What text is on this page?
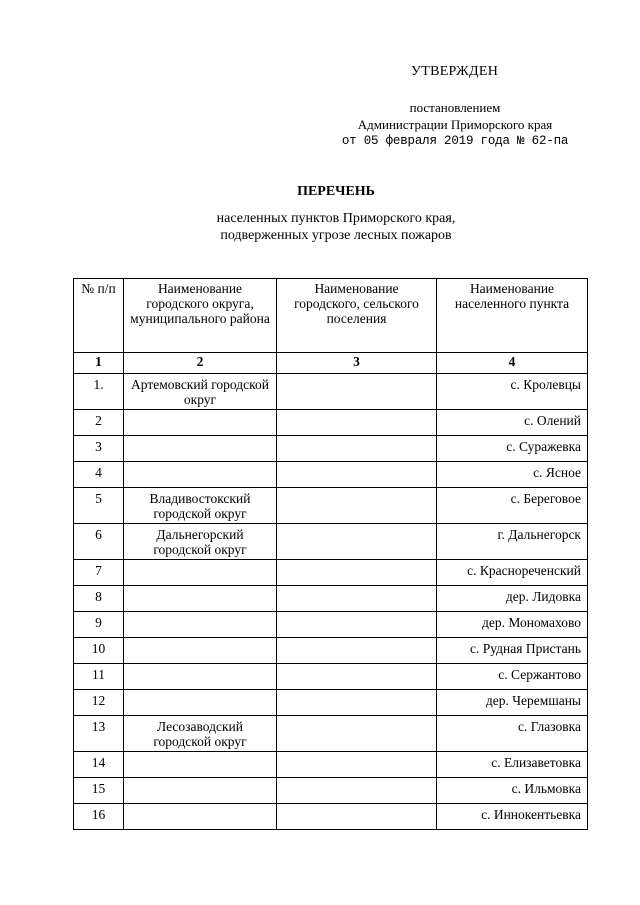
УТВЕРЖДЕН
постановлением
Администрации Приморского края
от 05 февраля 2019 года № 62-па
ПЕРЕЧЕНЬ
населенных пунктов Приморского края,
подверженных угрозе лесных пожаров
№ п/п	Наименование городского округа, муниципального района	Наименование городского, сельского поселения	Наименование населенного пункта
1	2	3	4
1.	Артемовский городской округ		с. Кролевцы
2			с. Олений
3			с. Суражевка
4			с. Ясное
5	Владивостокский городской округ		с. Береговое
6	Дальнегорский городской округ		г. Дальнегорск
7			с. Краснореченский
8			дер. Лидовка
9			дер. Мономахово
10			с. Рудная Пристань
11			с. Сержантово
12			дер. Черемшаны
13	Лесозаводский городской округ		с. Глазовка
14			с. Елизаветовка
15			с. Ильмовка
16			с. Иннокентьевка
